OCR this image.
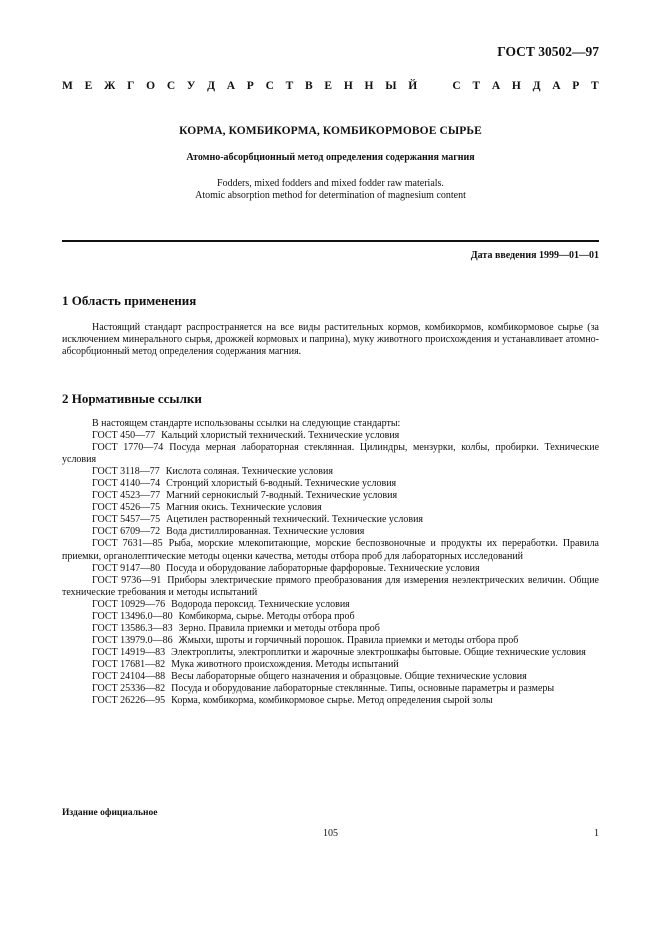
ГОСТ 30502—97
М Е Ж Г О С У Д А Р С Т В Е Н Н Ы Й	С Т А Н Д А Р Т
КОРМА, КОМБИКОРМА, КОМБИКОРМОВОЕ СЫРЬЕ
Атомно-абсорбционный метод определения содержания магния
Fodders, mixed fodders and mixed fodder raw materials.
Atomic absorption method for determination of magnesium content
Дата введения 1999—01—01
1 Область применения
Настоящий стандарт распространяется на все виды растительных кормов, комбикормов, комбикормовое сырье (за исключением минерального сырья, дрожжей кормовых и паприна), муку животного происхождения и устанавливает атомно-абсорбционный метод определения содержания магния.
2 Нормативные ссылки
В настоящем стандарте использованы ссылки на следующие стандарты:
ГОСТ 450—77 Кальций хлористый технический. Технические условия
ГОСТ 1770—74 Посуда мерная лабораторная стеклянная. Цилиндры, мензурки, колбы, пробирки. Технические условия
ГОСТ 3118—77 Кислота соляная. Технические условия
ГОСТ 4140—74 Стронций хлористый 6-водный. Технические условия
ГОСТ 4523—77 Магний сернокислый 7-водный. Технические условия
ГОСТ 4526—75 Магния окись. Технические условия
ГОСТ 5457—75 Ацетилен растворенный технический. Технические условия
ГОСТ 6709—72 Вода дистиллированная. Технические условия
ГОСТ 7631—85 Рыба, морские млекопитающие, морские беспозвоночные и продукты их переработки. Правила приемки, органолептические методы оценки качества, методы отбора проб для лабораторных исследований
ГОСТ 9147—80 Посуда и оборудование лабораторные фарфоровые. Технические условия
ГОСТ 9736—91 Приборы электрические прямого преобразования для измерения неэлектрических величин. Общие технические требования и методы испытаний
ГОСТ 10929—76 Водорода пероксид. Технические условия
ГОСТ 13496.0—80 Комбикорма, сырье. Методы отбора проб
ГОСТ 13586.3—83 Зерно. Правила приемки и методы отбора проб
ГОСТ 13979.0—86 Жмыхи, шроты и горчичный порошок. Правила приемки и методы отбора проб
ГОСТ 14919—83 Электроплиты, электроплитки и жарочные электрошкафы бытовые. Общие технические условия
ГОСТ 17681—82 Мука животного происхождения. Методы испытаний
ГОСТ 24104—88 Весы лабораторные общего назначения и образцовые. Общие технические условия
ГОСТ 25336—82 Посуда и оборудование лабораторные стеклянные. Типы, основные параметры и размеры
ГОСТ 26226—95 Корма, комбикорма, комбикормовое сырье. Метод определения сырой золы
Издание официальное
105	1
